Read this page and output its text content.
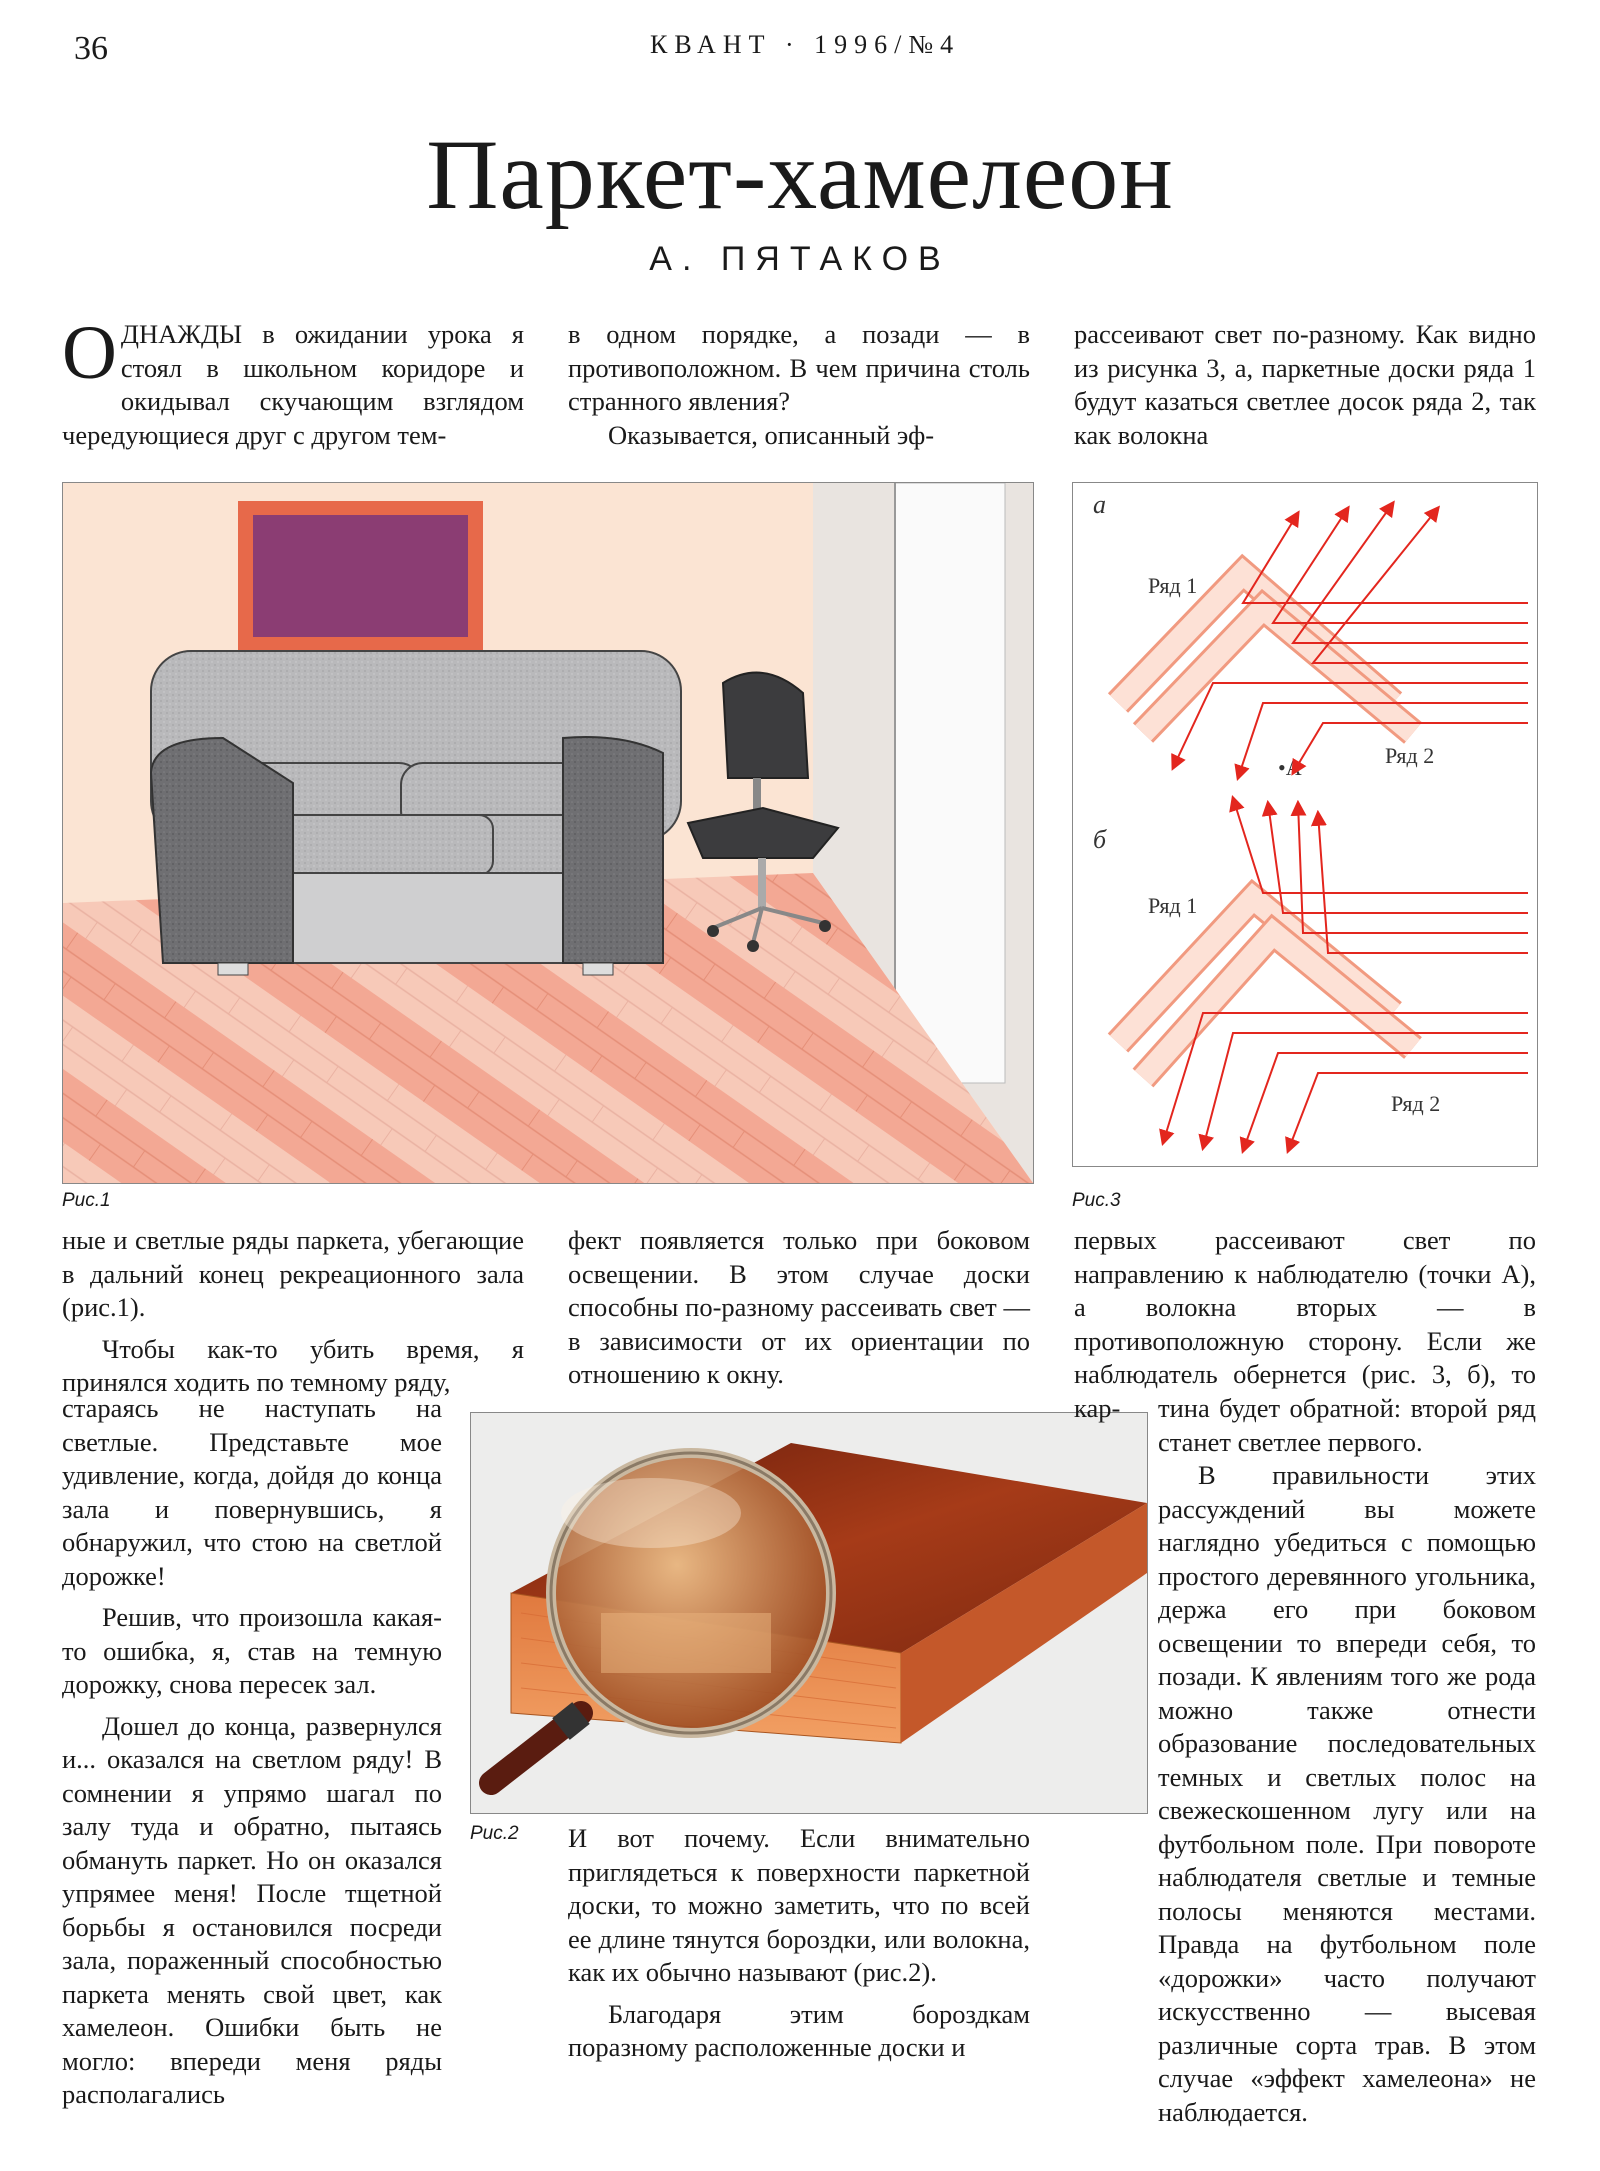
36	КВАНТ · 1996/№4
Паркет-хамелеон
А. ПЯТАКОВ

ОДНАЖДЫ в ожидании урока я стоял в школьном коридоре и окидывал скучающим взглядом чередующиеся друг с другом тем-

в одном порядке, а позади — в противоположном. В чем причина столь странного явления?

Оказывается, описанный эф-

рассеивают свет по-разному. Как видно из рисунка 3, а, паркетные доски ряда 1 будут казаться светлее досок ряда 2, так как волокна

Рис.1
а
Ряд 1
Ряд 2
•A
б
Ряд 1
Ряд 2
Рис.3

ные и светлые ряды паркета, убегающие в дальний конец рекреационного зала (рис.1).

Чтобы как-то убить время, я принялся ходить по темному ряду,

стараясь не наступать на светлые. Представьте мое удивление, когда, дойдя до конца зала и повернувшись, я обнаружил, что стою на светлой дорожке!

Решив, что произошла какая-то ошибка, я, став на темную дорожку, снова пересек зал.

Дошел до конца, развернулся и... оказался на светлом ряду! В сомнении я упрямо шагал по залу туда и обратно, пытаясь обмануть паркет. Но он оказался упрямее меня! После тщетной борьбы я остановился посреди зала, пораженный способностью паркета менять свой цвет, как хамелеон. Ошибки быть не могло: впереди меня ряды располагались

фект появляется только при боковом освещении. В этом случае доски способны по-разному рассеивать свет — в зависимости от их ориентации по отношению к окну.

Рис.2 И вот почему. Если внимательно приглядеться к поверхности паркетной доски, то можно заметить, что по всей ее длине тянутся бороздки, или волокна, как их обычно называют (рис.2).

Благодаря этим бороздкам поразному расположенные доски и

первых рассеивают свет по направлению к наблюдателю (точки А), а волокна вторых — в противоположную сторону. Если же наблюдатель обернется (рис. 3, б), то кар-	тина будет обратной: второй ряд станет светлее первого.

В правильности этих рассуждений вы можете наглядно убедиться с помощью простого деревянного угольника, держа его при боковом освещении то впереди себя, то позади. К явлениям того же рода можно также отнести образование последовательных темных и светлых полос на свежескошенном лугу или на футбольном поле. При повороте наблюдателя светлые и темные полосы меняются местами. Правда на футбольном поле «дорожки» часто получают искусственно — высевая различные сорта трав. В этом случае «эффект хамелеона» не наблюдается.
